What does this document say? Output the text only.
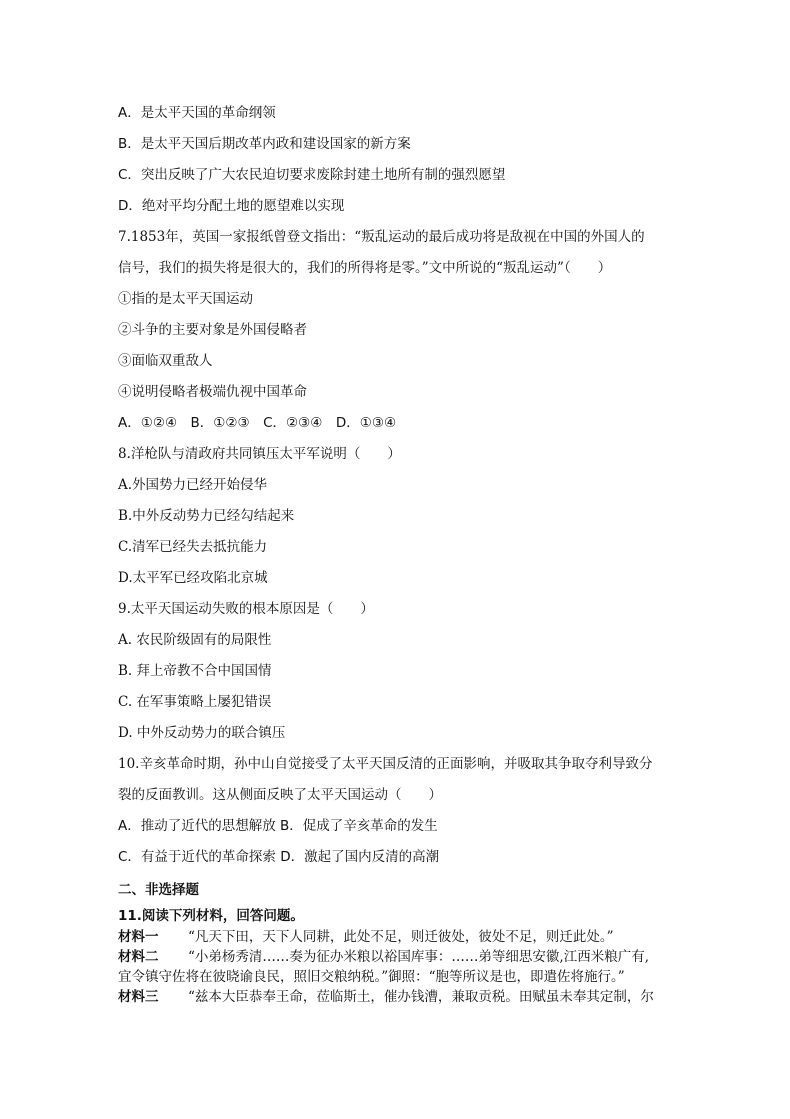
A．是太平天国的革命纲领
B．是太平天国后期改革内政和建设国家的新方案
C．突出反映了广大农民迫切要求废除封建土地所有制的强烈愿望
D．绝对平均分配土地的愿望难以实现
7.1853年，英国一家报纸曾登文指出：“叛乱运动的最后成功将是敌视在中国的外国人的
信号，我们的损失将是很大的，我们的所得将是零。”文中所说的“叛乱运动”（　　）
①指的是太平天国运动
②斗争的主要对象是外国侵略者
③面临双重敌人
④说明侵略者极端仇视中国革命
A．①②④　B．①②③　C．②③④　D．①③④
8.洋枪队与清政府共同镇压太平军说明（　　）
A.外国势力已经开始侵华
B.中外反动势力已经勾结起来
C.清军已经失去抵抗能力
D.太平军已经攻陷北京城
9.太平天国运动失败的根本原因是（　　）
A. 农民阶级固有的局限性
B. 拜上帝教不合中国国情
C. 在军事策略上屡犯错误
D. 中外反动势力的联合镇压
10.辛亥革命时期，孙中山自觉接受了太平天国反清的正面影响，并吸取其争取夺利导致分
裂的反面教训。这从侧面反映了太平天国运动（　　）
A．推动了近代的思想解放 B．促成了辛亥革命的发生
C．有益于近代的革命探索 D．激起了国内反清的高潮
二、非选择题
11.阅读下列材料，回答问题。
材料一 “凡天下田，天下人同耕，此处不足，则迁彼处，彼处不足，则迁此处。”
材料二 “小弟杨秀清……奏为征办米粮以裕国库事：……弟等细思安徽,江西米粮广有,
宜令镇守佐将在彼晓谕良民，照旧交粮纳税。”御照：“胞等所议是也，即遣佐将施行。”
材料三 “兹本大臣恭奉王命，莅临斯土，催办钱漕，兼取贡税。田赋虽未奉其定制，尔
